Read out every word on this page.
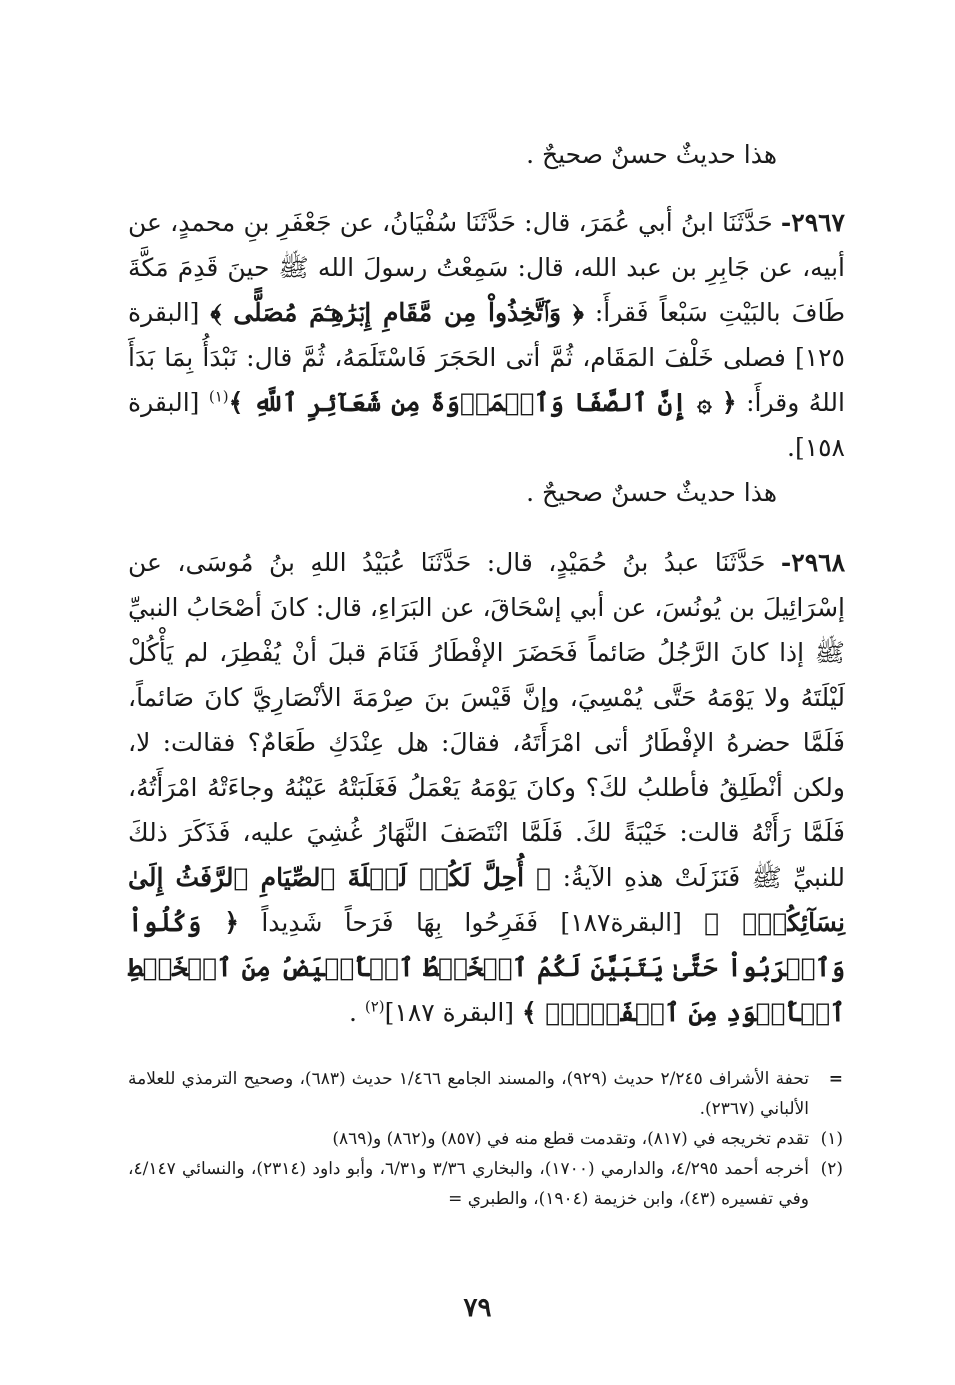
هذا حديثٌ حسنٌ صحيحٌ .
٢٩٦٧- حَدَّثَنَا ابنُ أبي عُمَرَ، قال: حَدَّثَنَا سُفْيَانُ، عن جَعْفَرِ بنِ محمدٍ، عن أبيه، عن جَابِرِ بن عبد الله، قال: سَمِعْتُ رسولَ الله ﷺ حينَ قَدِمَ مَكَّةَ طَافَ بالبَيْتِ سَبْعاً فَقرأَ: ﴿ وَٱتَّخِذُواْ مِن مَّقَامِ إِبۡرَٰهِـۧمَ مُصَلًّى ﴾ [البقرة ١٢٥] فصلى خَلْفَ المَقَام، ثُمَّ أتى الحَجَرَ فَاسْتَلَمَهُ، ثُمَّ قال: نَبْدَأُ بِمَا بَدَأَ اللهُ وقرأَ: ﴿ ۞ إِنَّ ٱلصَّفَا وَٱلۡمَرۡوَةَ مِن شَعَآئِرِ ٱللَّهِ ﴾$^{(١)}$ [البقرة ١٥٨].
هذا حديثٌ حسنٌ صحيحٌ .
٢٩٦٨- حَدَّثَنَا عبدُ بنُ حُمَيْدٍ، قال: حَدَّثَنَا عُبَيْدُ اللهِ بنُ مُوسَى، عن إسْرَائِيلَ بن يُونُسَ، عن أبي إسْحَاقَ، عن البَرَاءِ، قال: كانَ أصْحَابُ النبيِّ ﷺ إذا كانَ الرَّجُلُ صَائماً فَحَضَرَ الإفْطَارُ فَنَامَ قبلَ أنْ يُفْطِرَ، لم يَأْكُلْ لَيْلَتَهُ ولا يَوْمَهُ حَتَّى يُمْسِيَ، وإنَّ قَيْسَ بنَ صِرْمَةَ الأنْصَارِيَّ كانَ صَائماً، فَلَمَّا حضرهُ الإفْطَارُ أتى امْرَأَتَهُ، فقالَ: هل عِنْدَكِ طَعَامٌ؟ فقالت: لا، ولكن أنْطَلِقُ فأطلبُ لكَ؟ وكانَ يَوْمَهُ يَعْمَلُ فَغَلَبَتْهُ عَيْنُهُ وجاءَتْهُ امْرَأَتُهُ، فَلَمَّا رَأَتْهُ قالت: خَيْبَةً لكَ. فَلَمَّا انْتَصَفَ النَّهَارُ غُشِيَ عليه، فَذَكَرَ ذلكَ للنبيِّ ﷺ فَنَزَلَتْ هذهِ الآيةُ: ﴿ أُحِلَّ لَكُمۡ لَيۡلَةَ ٱلصِّيَامِ ٱلرَّفَثُ إِلَىٰ نِسَآئِكُمۡۚ ﴾ [البقرة١٨٧] فَفَرِحُوا بِهَا فَرَحاً شَدِيداً ﴿ وَكُلُواْ وَٱشۡرَبُواْ حَتَّىٰ يَتَبَيَّنَ لَكُمُ ٱلۡخَيۡطُ ٱلۡأَبۡيَضُ مِنَ ٱلۡخَيۡطِ ٱلۡأَسۡوَدِ مِنَ ٱلۡفَجۡرِۖ ﴾ [البقرة ١٨٧]$^{(٢)}$ .
=
تحفة الأشراف ٢/٢٤٥ حديث (٩٢٩)، والمسند الجامع ١/٤٦٦ حديث (٦٨٣)، وصحيح الترمذي للعلامة الألباني (٢٣٦٧).
(١)
تقدم تخريجه في (٨١٧)، وتقدمت قطع منه في (٨٥٧) و(٨٦٢) و(٨٦٩)
(٢)
أخرجه أحمد ٤/٢٩٥، والدارمي (١٧٠٠)، والبخاري ٣/٣٦ و٦/٣١، وأبو داود (٢٣١٤)، والنسائي ٤/١٤٧، وفي تفسيره (٤٣)، وابن خزيمة (١٩٠٤)، والطبري =
٧٩
